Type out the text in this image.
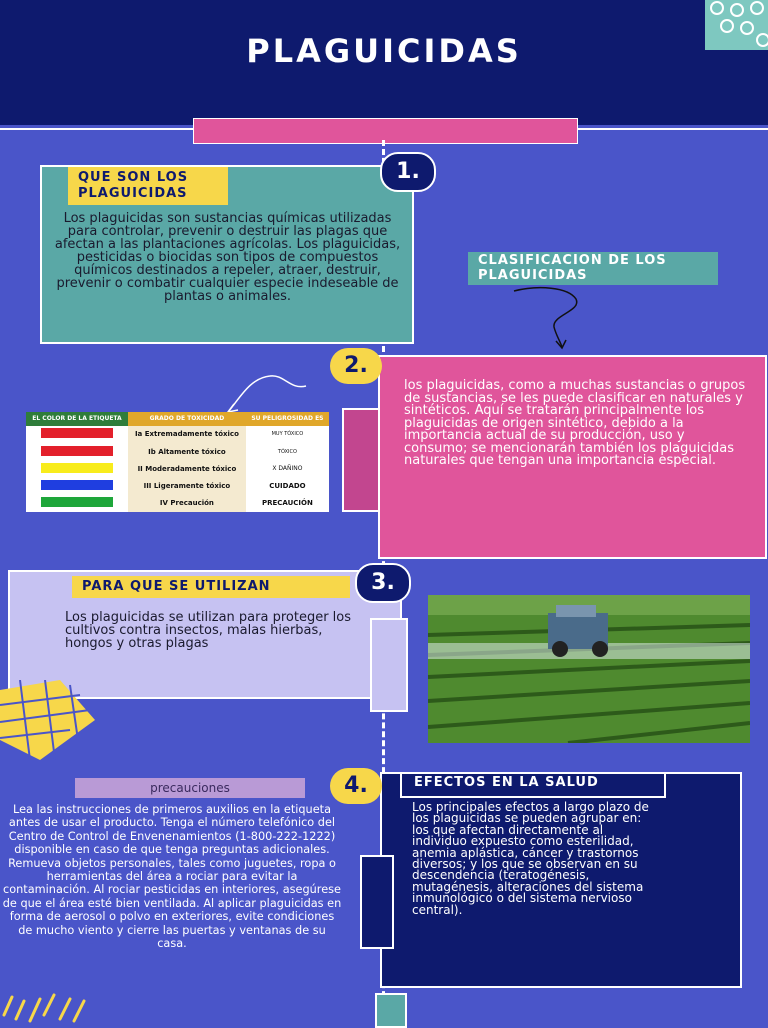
PLAGUICIDAS
QUE SON LOS PLAGUICIDAS
Los plaguicidas son sustancias químicas utilizadas para controlar, prevenir o destruir las plagas que afectan a las plantaciones agrícolas. Los plaguicidas, pesticidas o biocidas son tipos de compuestos químicos destinados a repeler, atraer, destruir, prevenir o combatir cualquier especie indeseable de plantas o animales.
1.
CLASIFICACION DE LOS PLAGUICIDAS
los plaguicidas, como a muchas sustancias o grupos de sustancias, se les puede clasificar en naturales y sintéticos. Aquí se tratarán principalmente los plaguicidas de origen sintético, debido a la importancia actual de su producción, uso y consumo; se mencionarán también los plaguicidas naturales que tengan una importancia especial.
2.
EL COLOR DE LA ETIQUETA	GRADO DE TOXICIDAD	SU PELIGROSIDAD ES
	Ia Extremadamente tóxico	MUY TÓXICO
	Ib Altamente tóxico	TÓXICO
	II Moderadamente tóxico	X DAÑINO
	III Ligeramente tóxico	CUIDADO
	IV Precaución	PRECAUCIÓN
PARA QUE SE UTILIZAN
Los plaguicidas se utilizan para proteger los cultivos contra insectos, malas hierbas, hongos y otras plagas
3.
EFECTOS EN LA SALUD
Los principales efectos a largo plazo de los plaguicidas se pueden agrupar en: los que afectan directamente al individuo expuesto como esterilidad, anemia aplástica, cáncer y trastornos diversos; y los que se observan en su descendencia (teratogénesis, mutagénesis, alteraciones del sistema inmunológico o del sistema nervioso central).
4.
precauciones
Lea las instrucciones de primeros auxilios en la etiqueta antes de usar el producto. Tenga el número telefónico del Centro de Control de Envenenamientos (1-800-222-1222) disponible en caso de que tenga preguntas adicionales. Remueva objetos personales, tales como juguetes, ropa o herramientas del área a rociar para evitar la contaminación. Al rociar pesticidas en interiores, asegúrese de que el área esté bien ventilada. Al aplicar plaguicidas en forma de aerosol o polvo en exteriores, evite condiciones de mucho viento y cierre las puertas y ventanas de su casa.
